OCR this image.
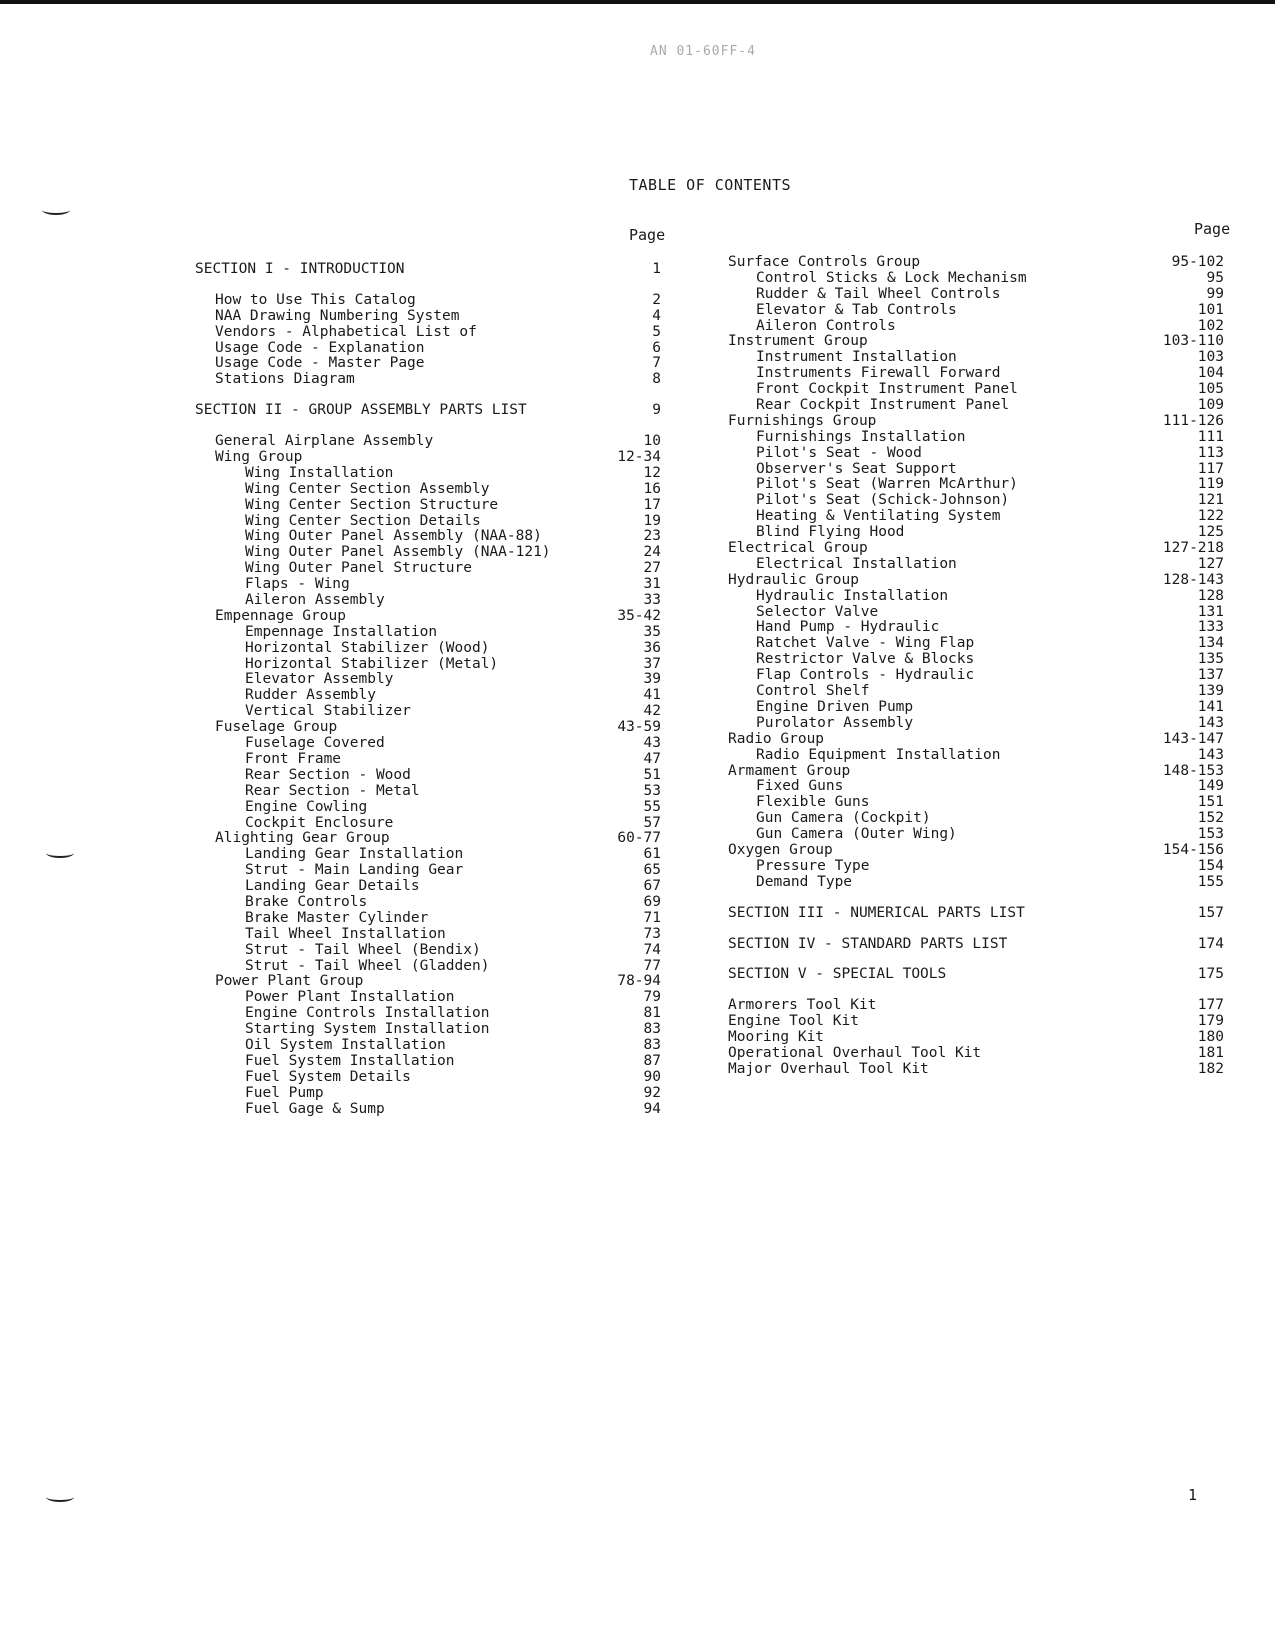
AN 01-60FF-4
TABLE OF CONTENTS
Page	Page
SECTION I - INTRODUCTION	1
How to Use This Catalog	2
NAA Drawing Numbering System	4
Vendors - Alphabetical List of	5
Usage Code - Explanation	6
Usage Code - Master Page	7
Stations Diagram	8
SECTION II - GROUP ASSEMBLY PARTS LIST	9
General Airplane Assembly	10
Wing Group	12-34
Wing Installation	12
Wing Center Section Assembly	16
Wing Center Section Structure	17
Wing Center Section Details	19
Wing Outer Panel Assembly (NAA-88)	23
Wing Outer Panel Assembly (NAA-121)	24
Wing Outer Panel Structure	27
Flaps - Wing	31
Aileron Assembly	33
Empennage Group	35-42
Empennage Installation	35
Horizontal Stabilizer (Wood)	36
Horizontal Stabilizer (Metal)	37
Elevator Assembly	39
Rudder Assembly	41
Vertical Stabilizer	42
Fuselage Group	43-59
Fuselage Covered	43
Front Frame	47
Rear Section - Wood	51
Rear Section - Metal	53
Engine Cowling	55
Cockpit Enclosure	57
Alighting Gear Group	60-77
Landing Gear Installation	61
Strut - Main Landing Gear	65
Landing Gear Details	67
Brake Controls	69
Brake Master Cylinder	71
Tail Wheel Installation	73
Strut - Tail Wheel (Bendix)	74
Strut - Tail Wheel (Gladden)	77
Power Plant Group	78-94
Power Plant Installation	79
Engine Controls Installation	81
Starting System Installation	83
Oil System Installation	83
Fuel System Installation	87
Fuel System Details	90
Fuel Pump	92
Fuel Gage & Sump	94
Surface Controls Group	95-102
Control Sticks & Lock Mechanism	95
Rudder & Tail Wheel Controls	99
Elevator & Tab Controls	101
Aileron Controls	102
Instrument Group	103-110
Instrument Installation	103
Instruments Firewall Forward	104
Front Cockpit Instrument Panel	105
Rear Cockpit Instrument Panel	109
Furnishings Group	111-126
Furnishings Installation	111
Pilot's Seat - Wood	113
Observer's Seat Support	117
Pilot's Seat (Warren McArthur)	119
Pilot's Seat (Schick-Johnson)	121
Heating & Ventilating System	122
Blind Flying Hood	125
Electrical Group	127-218
Electrical Installation	127
Hydraulic Group	128-143
Hydraulic Installation	128
Selector Valve	131
Hand Pump - Hydraulic	133
Ratchet Valve - Wing Flap	134
Restrictor Valve & Blocks	135
Flap Controls - Hydraulic	137
Control Shelf	139
Engine Driven Pump	141
Purolator Assembly	143
Radio Group	143-147
Radio Equipment Installation	143
Armament Group	148-153
Fixed Guns	149
Flexible Guns	151
Gun Camera (Cockpit)	152
Gun Camera (Outer Wing)	153
Oxygen Group	154-156
Pressure Type	154
Demand Type	155
SECTION III - NUMERICAL PARTS LIST	157
SECTION IV - STANDARD PARTS LIST	174
SECTION V - SPECIAL TOOLS	175
Armorers Tool Kit	177
Engine Tool Kit	179
Mooring Kit	180
Operational Overhaul Tool Kit	181
Major Overhaul Tool Kit	182
1
